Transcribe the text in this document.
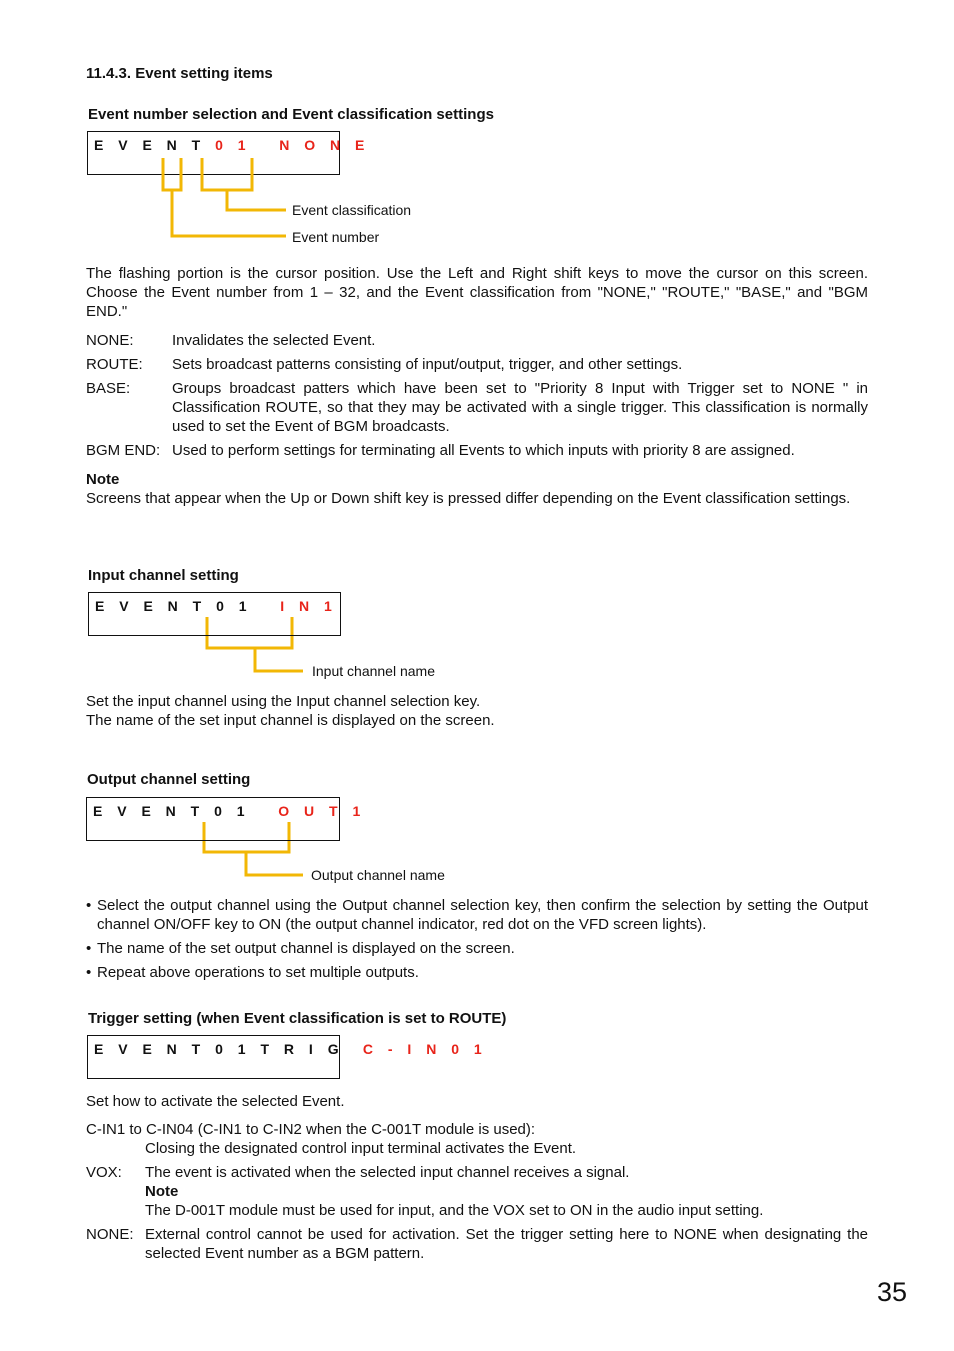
11.4.3. Event setting items
Event number selection and Event classification settings
E V E N T 0 1 N O N E
Event classification
Event number
The flashing portion is the cursor position. Use the Left and Right shift keys to move the cursor on this screen. Choose the Event number from 1 – 32, and the Event classification from "NONE," "ROUTE," "BASE," and "BGM END."
NONE:	Invalidates the selected Event.
ROUTE: Sets broadcast patterns consisting of input/output, trigger, and other settings.
BASE:	Groups broadcast patters which have been set to "Priority 8 Input with Trigger set to NONE " in Classification ROUTE, so that they may be activated with a single trigger. This classification is normally used to set the Event of BGM broadcasts.
BGM END: Used to perform settings for terminating all Events to which inputs with priority 8 are assigned.
Note
Screens that appear when the Up or Down shift key is pressed differ depending on the Event classification settings.
Input channel setting
E V E N T 0 1   I N 1
Input channel name
Set the input channel using the Input channel selection key.
The name of the set input channel is displayed on the screen.
Output channel setting
E V E N T 0 1   O U T 1
Output channel name
• Select the output channel using the Output channel selection key, then confirm the selection by setting the Output channel ON/OFF key to ON (the output channel indicator, red dot on the VFD screen lights).
• The name of the set output channel is displayed on the screen.
• Repeat above operations to set multiple outputs.
Trigger setting (when Event classification is set to ROUTE)
E V E N T 0 1 T R I G  C - I N 0 1
Set how to activate the selected Event.
C-IN1 to C-IN04 (C-IN1 to C-IN2 when the C-001T module is used):
Closing the designated control input terminal activates the Event.
VOX: The event is activated when the selected input channel receives a signal.
Note
The D-001T module must be used for input, and the VOX set to ON in the audio input setting.
NONE: External control cannot be used for activation. Set the trigger setting here to NONE when designating the selected Event number as a BGM pattern.
35
